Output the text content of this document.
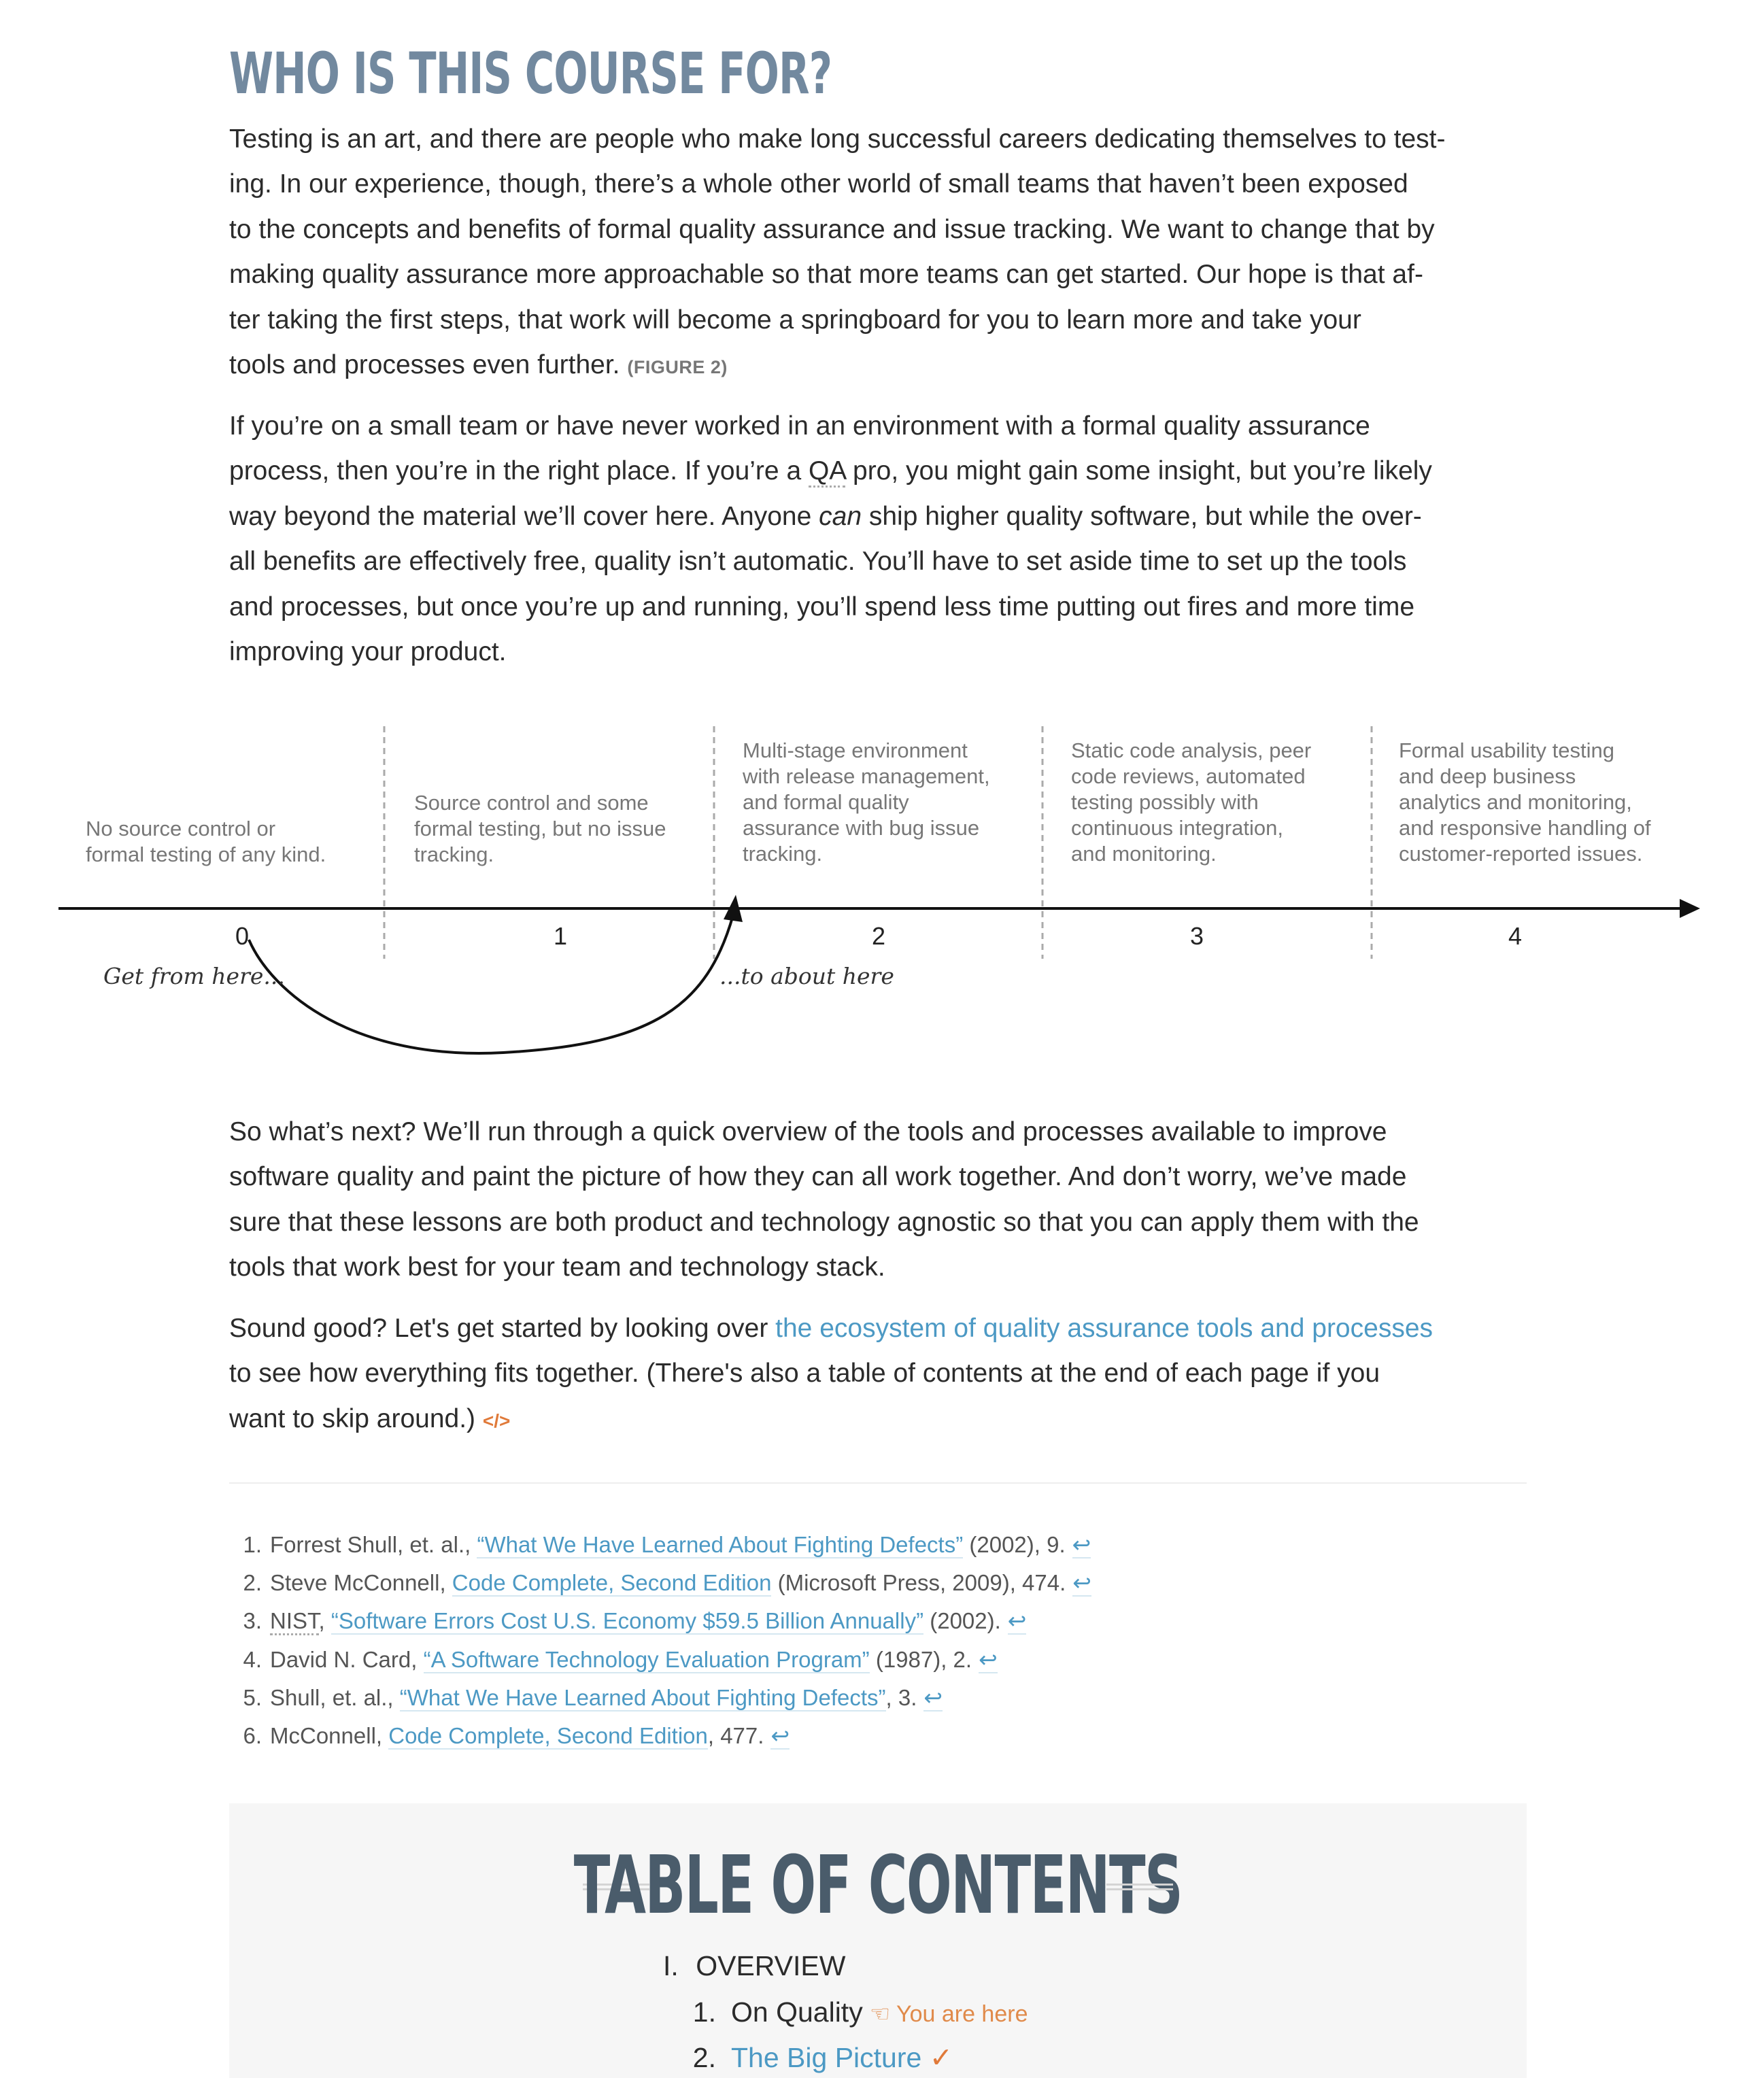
WHO IS THIS COURSE FOR?

Testing is an art, and there are people who make long successful careers dedicating themselves to test-
ing. In our experience, though, there’s a whole other world of small teams that haven’t been exposed
to the concepts and benefits of formal quality assurance and issue tracking. We want to change that by
making quality assurance more approachable so that more teams can get started. Our hope is that af-
ter taking the first steps, that work will become a springboard for you to learn more and take your
tools and processes even further. (FIGURE 2)

If you’re on a small team or have never worked in an environment with a formal quality assurance
process, then you’re in the right place. If you’re a QA pro, you might gain some insight, but you’re likely
way beyond the material we’ll cover here. Anyone can ship higher quality software, but while the over-
all benefits are effectively free, quality isn’t automatic. You’ll have to set aside time to set up the tools
and processes, but once you’re up and running, you’ll spend less time putting out fires and more time
improving your product.

No source control or
formal testing of any kind.
Source control and some
formal testing, but no issue
tracking.
Multi-stage environment
with release management,
and formal quality
assurance with bug issue
tracking.
Static code analysis, peer
code reviews, automated
testing possibly with
continuous integration,
and monitoring.
Formal usability testing
and deep business
analytics and monitoring,
and responsive handling of
customer-reported issues.
0	1	2	3	4
Get from here...	...to about here

So what’s next? We’ll run through a quick overview of the tools and processes available to improve
software quality and paint the picture of how they can all work together. And don’t worry, we’ve made
sure that these lessons are both product and technology agnostic so that you can apply them with the
tools that work best for your team and technology stack.

Sound good? Let's get started by looking over the ecosystem of quality assurance tools and processes
to see how everything fits together. (There's also a table of contents at the end of each page if you
want to skip around.) </>

1. Forrest Shull, et. al., “What We Have Learned About Fighting Defects” (2002), 9. ↩
2. Steve McConnell, Code Complete, Second Edition (Microsoft Press, 2009), 474. ↩
3. NIST, “Software Errors Cost U.S. Economy $59.5 Billion Annually” (2002). ↩
4. David N. Card, “A Software Technology Evaluation Program” (1987), 2. ↩
5. Shull, et. al., “What We Have Learned About Fighting Defects”, 3. ↩
6. McConnell, Code Complete, Second Edition, 477. ↩
TABLE OF CONTENTS
I. OVERVIEW
1. On Quality ☜ You are here
2. The Big Picture ✓
